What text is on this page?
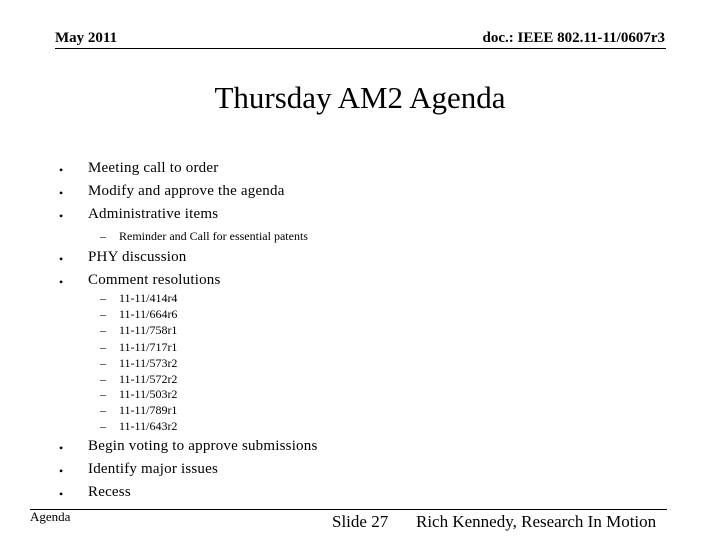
May 2011	doc.: IEEE 802.11-11/0607r3
Thursday AM2 Agenda
• Meeting call to order
• Modify and approve the agenda
• Administrative items
– Reminder and Call for essential patents
• PHY discussion
• Comment resolutions
– 11-11/414r4
– 11-11/664r6
– 11-11/758r1
– 11-11/717r1
– 11-11/573r2
– 11-11/572r2
– 11-11/503r2
– 11-11/789r1
– 11-11/643r2
• Begin voting to approve submissions
• Identify major issues
• Recess
Agenda	Slide 27 Rich Kennedy, Research In Motion
